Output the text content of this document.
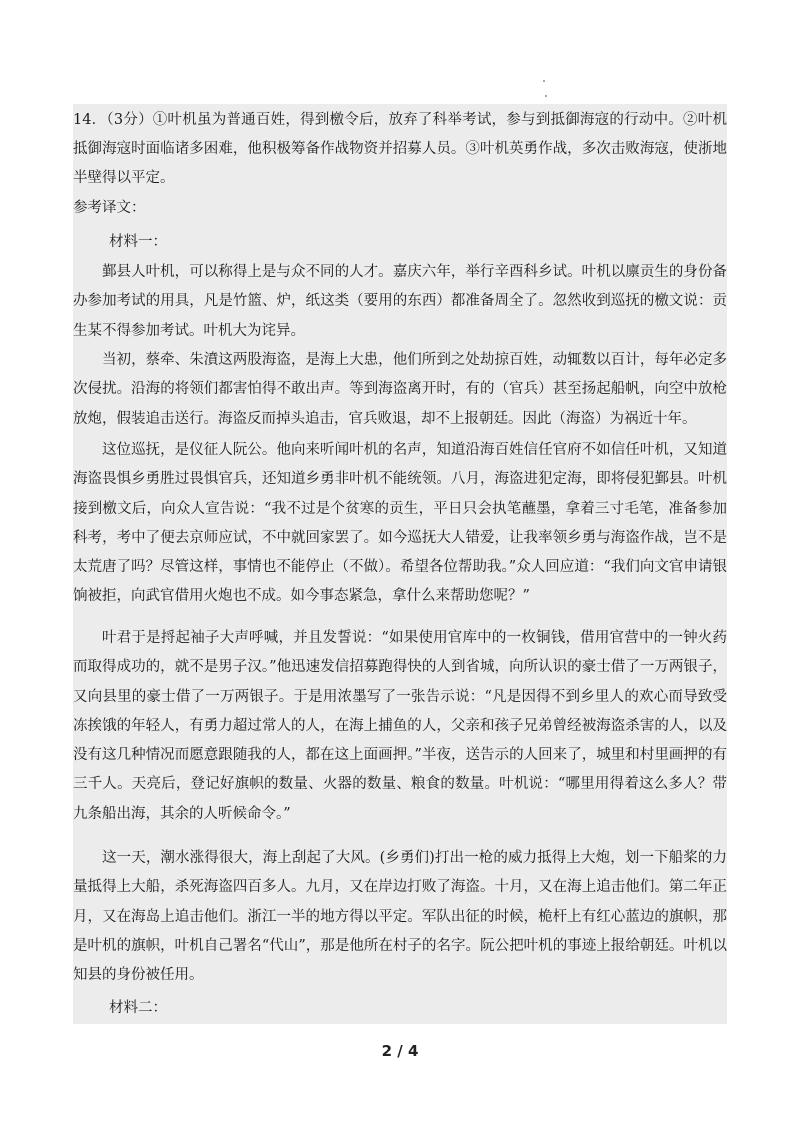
14．（3分）①叶机虽为普通百姓，得到檄令后，放弃了科举考试，参与到抵御海寇的行动中。②叶机抵御海寇时面临诸多困难，他积极筹备作战物资并招募人员。③叶机英勇作战，多次击败海寇，使浙地半壁得以平定。

参考译文：

材料一：

鄞县人叶机，可以称得上是与众不同的人才。嘉庆六年，举行辛酉科乡试。叶机以廪贡生的身份备办参加考试的用具，凡是竹篮、炉，纸这类（要用的东西）都准备周全了。忽然收到巡抚的檄文说：贡生某不得参加考试。叶机大为诧异。

当初，蔡牵、朱濆这两股海盗，是海上大患，他们所到之处劫掠百姓，动辄数以百计，每年必定多次侵扰。沿海的将领们都害怕得不敢出声。等到海盗离开时，有的（官兵）甚至扬起船帆，向空中放枪放炮，假装追击送行。海盗反而掉头追击，官兵败退，却不上报朝廷。因此（海盗）为祸近十年。

这位巡抚，是仪征人阮公。他向来听闻叶机的名声，知道沿海百姓信任官府不如信任叶机，又知道海盗畏惧乡勇胜过畏惧官兵，还知道乡勇非叶机不能统领。八月，海盗进犯定海，即将侵犯鄞县。叶机接到檄文后，向众人宣告说：“我不过是个贫寒的贡生，平日只会执笔蘸墨，拿着三寸毛笔，准备参加科考，考中了便去京师应试，不中就回家罢了。如今巡抚大人错爱，让我率领乡勇与海盗作战，岂不是太荒唐了吗？尽管这样，事情也不能停止（不做）。希望各位帮助我。”众人回应道：“我们向文官申请银饷被拒，向武官借用火炮也不成。如今事态紧急，拿什么来帮助您呢？”

叶君于是捋起袖子大声呼喊，并且发誓说：“如果使用官库中的一枚铜钱，借用官营中的一钟火药而取得成功的，就不是男子汉。”他迅速发信招募跑得快的人到省城，向所认识的豪士借了一万两银子，又向县里的豪士借了一万两银子。于是用浓墨写了一张告示说：“凡是因得不到乡里人的欢心而导致受冻挨饿的年轻人，有勇力超过常人的人，在海上捕鱼的人，父亲和孩子兄弟曾经被海盗杀害的人，以及没有这几种情况而愿意跟随我的人，都在这上面画押。”半夜，送告示的人回来了，城里和村里画押的有三千人。天亮后，登记好旗帜的数量、火器的数量、粮食的数量。叶机说：“哪里用得着这么多人？带九条船出海，其余的人听候命令。”

这一天，潮水涨得很大，海上刮起了大风。(乡勇们)打出一枪的威力抵得上大炮，划一下船桨的力量抵得上大船，杀死海盗四百多人。九月，又在岸边打败了海盗。十月，又在海上追击他们。第二年正月，又在海岛上追击他们。浙江一半的地方得以平定。军队出征的时候，桅杆上有红心蓝边的旗帜，那是叶机的旗帜，叶机自己署名“代山”，那是他所在村子的名字。阮公把叶机的事迹上报给朝廷。叶机以知县的身份被任用。

材料二：

2 / 4
